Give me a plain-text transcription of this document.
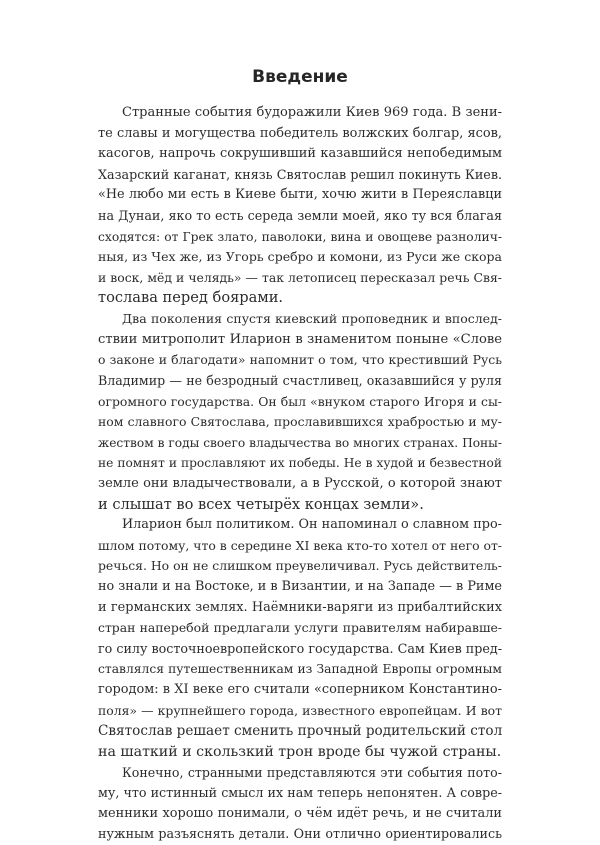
Введение
Странные события будоражили Киев 969 года. В зени-
те славы и могущества победитель волжских болгар, ясов,
касогов, напрочь сокрушивший казавшийся непобедимым
Хазарский каганат, князь Святослав решил покинуть Киев.
«Не любо ми есть в Киеве быти, хочю жити в Переяславци
на Дунаи, яко то есть середа земли моей, яко ту вся благая
сходятся: от Грек злато, паволоки, вина и овощеве разнолич-
ныя, из Чех же, из Угорь сребро и комони, из Руси же скора
и воск, мёд и челядь» — так летописец пересказал речь Свя-
тослава перед боярами.
Два поколения спустя киевский проповедник и впослед-
ствии митрополит Иларион в знаменитом поныне «Слове
о законе и благодати» напомнит о том, что крестивший Русь
Владимир — не безродный счастливец, оказавшийся у руля
огромного государства. Он был «внуком старого Игоря и сы-
ном славного Святослава, прославившихся храбростью и му-
жеством в годы своего владычества во многих странах. Поны-
не помнят и прославляют их победы. Не в худой и безвестной
земле они владычествовали, а в Русской, о которой знают
и слышат во всех четырёх концах земли».
Иларион был политиком. Он напоминал о славном про-
шлом потому, что в середине XI века кто-то хотел от него от-
речься. Но он не слишком преувеличивал. Русь действитель-
но знали и на Востоке, и в Византии, и на Западе — в Риме
и германских землях. Наёмники-варяги из прибалтийских
стран наперебой предлагали услуги правителям набиравше-
го силу восточноевропейского государства. Сам Киев пред-
ставлялся путешественникам из Западной Европы огромным
городом: в XI веке его считали «соперником Константино-
поля» — крупнейшего города, известного европейцам. И вот
Святослав решает сменить прочный родительский стол
на шаткий и скользкий трон вроде бы чужой страны.
Конечно, странными представляются эти события пото-
му, что истинный смысл их нам теперь непонятен. А совре-
менники хорошо понимали, о чём идёт речь, и не считали
нужным разъяснять детали. Они отлично ориентировались
